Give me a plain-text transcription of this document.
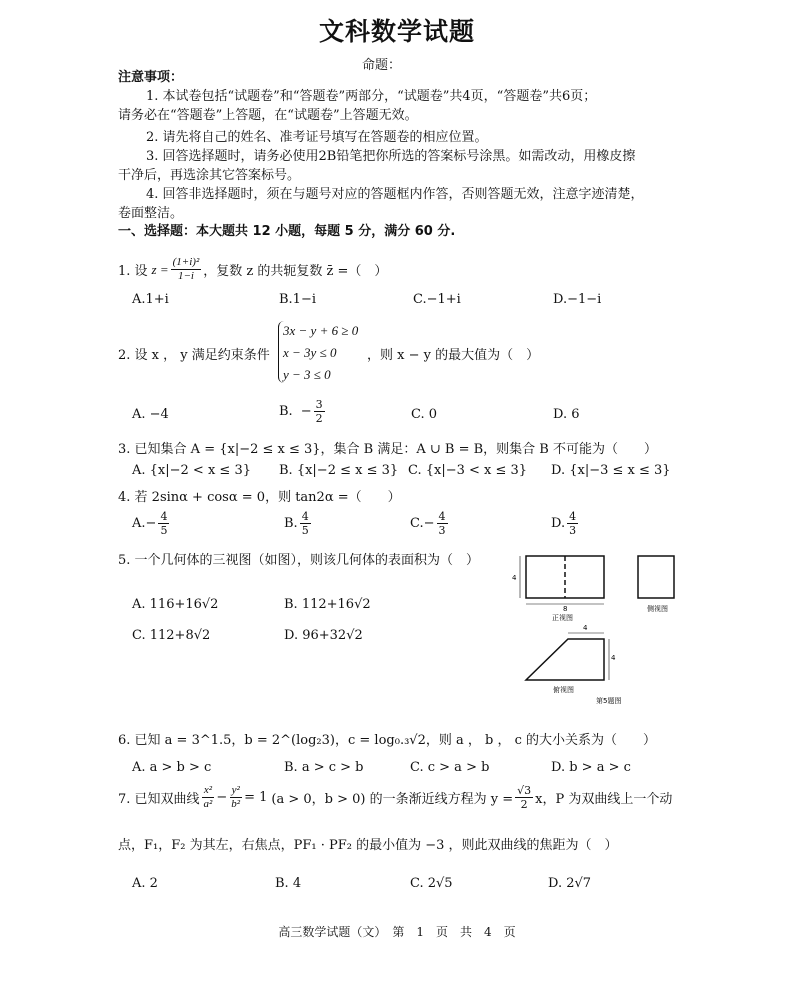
文科数学试题
命题：
注意事项：
1. 本试卷包括“试题卷”和“答题卷”两部分，“试题卷”共4页，“答题卷”共6页；
请务必在“答题卷”上答题，在“试题卷”上答题无效。
2. 请先将自己的姓名、准考证号填写在答题卷的相应位置。
3. 回答选择题时，请务必使用2B铅笔把你所选的答案标号涂黑。如需改动，用橡皮擦
干净后，再选涂其它答案标号。
4. 回答非选择题时，须在与题号对应的答题框内作答，否则答题无效，注意字迹清楚，
卷面整洁。
一、选择题：本大题共 12 小题，每题 5 分，满分 60 分.
1. 设 $z = \frac{\text{(1+i)²}}{1-i}$ ，复数 z 的共轭复数 z̄ =（　）
A.1+i	B.1−i	C.−1+i	D.−1−i
2. 设 x ， y 满足约束条件
3x − y + 6 ≥ 0
x − 3y ≤ 0
y − 3 ≤ 0
，则 x − y 的最大值为（　）
A. −4	B. − $\frac{3}{2}$	C. 0	D. 6
3. 已知集合 A = {x|−2 ≤ x ≤ 3}，集合 B 满足：A ∪ B = B，则集合 B 不可能为（　　）
A. {x|−2 < x ≤ 3} B. {x|−2 ≤ x ≤ 3} C. {x|−3 < x ≤ 3} D. {x|−3 ≤ x ≤ 3}
4. 若 2sinα + cosα = 0，则 tan2α =（　　）
A. − $\frac{4}{5}$	B. $\frac{4}{5}$	C. − $\frac{4}{3}$	D. $\frac{4}{3}$
5. 一个几何体的三视图（如图），则该几何体的表面积为（　）
A. 116+16√2	B. 112+16√2
C. 112+8√2	D. 96+32√2
4
8
正视图
侧视图
4
4
俯视图
第5题图
6. 已知 a = 3^1.5，b = 2^(log₂3)，c = log₀.₃√2，则 a ， b ， c 的大小关系为（　　）
A. a > b > c	B. a > c > b	C. c > a > b	D. b > a > c
7. 已知双曲线 $\frac{\text{x²}}{\text{a²}} - \frac{\text{y²}}{\text{b²}} = 1$ (a > 0，b > 0) 的一条渐近线方程为 $y = \frac{√3}{2}$ x，P 为双曲线上一个动
点，F₁，F₂ 为其左，右焦点，PF₁ · PF₂ 的最小值为 −3 ，则此双曲线的焦距为（　）
A. 2	B. 4	C. 2√5	D. 2√7
高三数学试题（文）　第　1　页　共　4　页
